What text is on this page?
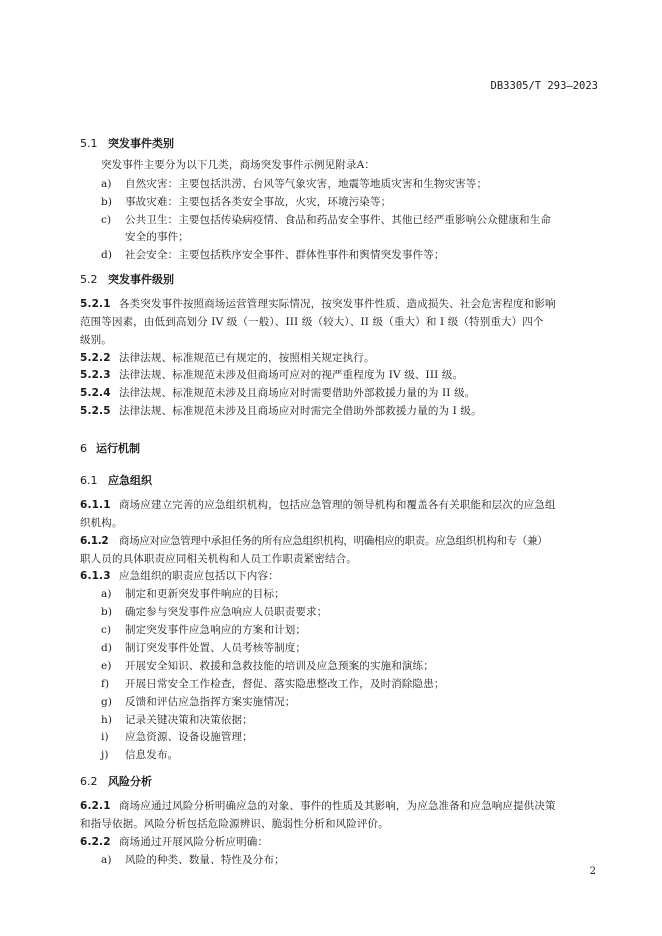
DB3305/T 293—2023
5.1 突发事件类别
突发事件主要分为以下几类，商场突发事件示例见附录A：
a) 自然灾害：主要包括洪涝、台风等气象灾害，地震等地质灾害和生物灾害等；
b) 事故灾难：主要包括各类安全事故，火灾，环境污染等；
c) 公共卫生：主要包括传染病疫情、食品和药品安全事件、其他已经严重影响公众健康和生命
安全的事件；
d) 社会安全：主要包括秩序安全事件、群体性事件和舆情突发事件等；
5.2 突发事件级别
5.2.1 各类突发事件按照商场运营管理实际情况，按突发事件性质、造成损失、社会危害程度和影响
范围等因素，由低到高划分 IV 级（一般）、III 级（较大）、II 级（重大）和 I 级（特别重大）四个
级别。
5.2.2 法律法规、标准规范已有规定的，按照相关规定执行。
5.2.3 法律法规、标准规范未涉及但商场可应对的视严重程度为 IV 级、III 级。
5.2.4 法律法规、标准规范未涉及且商场应对时需要借助外部救援力量的为 II 级。
5.2.5 法律法规、标准规范未涉及且商场应对时需完全借助外部救援力量的为 I 级。
6 运行机制
6.1 应急组织
6.1.1 商场应建立完善的应急组织机构，包括应急管理的领导机构和覆盖各有关职能和层次的应急组
织机构。
6.1.2 商场应对应急管理中承担任务的所有应急组织机构，明确相应的职责。应急组织机构和专（兼）
职人员的具体职责应同相关机构和人员工作职责紧密结合。
6.1.3 应急组织的职责应包括以下内容：
a) 制定和更新突发事件响应的目标；
b) 确定参与突发事件应急响应人员职责要求；
c) 制定突发事件应急响应的方案和计划；
d) 制订突发事件处置、人员考核等制度；
e) 开展安全知识、救援和急救技能的培训及应急预案的实施和演练；
f) 开展日常安全工作检查，督促、落实隐患整改工作，及时消除隐患；
g) 反馈和评估应急指挥方案实施情况；
h) 记录关键决策和决策依据；
i) 应急资源、设备设施管理；
j) 信息发布。
6.2 风险分析
6.2.1 商场应通过风险分析明确应急的对象、事件的性质及其影响，为应急准备和应急响应提供决策
和指导依据。风险分析包括危险源辨识、脆弱性分析和风险评价。
6.2.2 商场通过开展风险分析应明确：
a) 风险的种类、数量、特性及分布；
2
